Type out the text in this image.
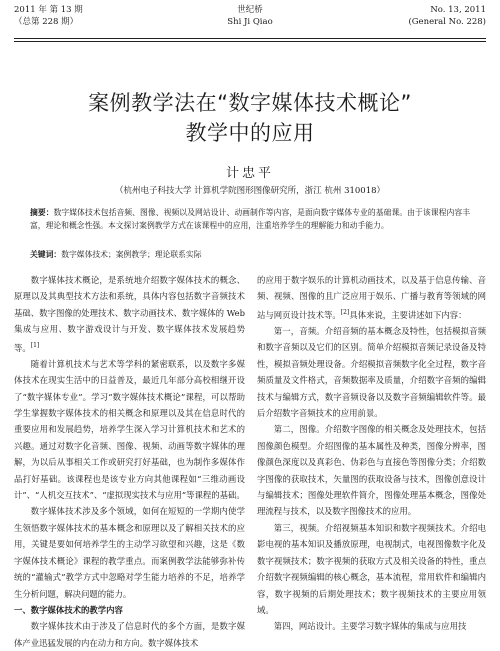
2011 年 第 13 期
（总第 228 期）
世纪桥
Shi Ji Qiao
No. 13, 2011
(General No. 228)
案例教学法在“数字媒体技术概论”
教学中的应用
计忠平
（杭州电子科技大学 计算机学院图形图像研究所，浙江 杭州 310018）
摘要：数字媒体技术包括音频、图像、视频以及网站设计、动画制作等内容，是面向数字媒体专业的基础课。由于该课程内容丰富，理论和概念性强。本文探讨案例教学方式在该课程中的应用，注重培养学生的理解能力和动手能力。
关键词：数字媒体技术；案例教学；理论联系实际

数字媒体技术概论，是系统地介绍数字媒体技术的概念、原理以及其典型技术方法和系统，具体内容包括数字音频技术基础、数字图像的处理技术、数字动画技术、数字媒体的 Web 集成与应用、数字游戏设计与开发、数字媒体技术发展趋势等。[1]

随着计算机技术与艺术等学科的紧密联系，以及数字多媒体技术在现实生活中的日益普及，最近几年部分高校相继开设了“数字媒体专业”。学习“数字媒体技术概论”课程，可以帮助学生掌握数字媒体技术的相关概念和原理以及其在信息时代的重要应用和发展趋势，培养学生深入学习计算机技术和艺术的兴趣。通过对数字化音频、图像、视频、动画等数字媒体的理解，为以后从事相关工作或研究打好基础，也为制作多媒体作品打好基础。该课程也是该专业方向其他课程如“三维动画设计”、“人机交互技术”、“虚拟现实技术与应用”等课程的基础。

数字媒体技术涉及多个领域，如何在短短的一学期内使学生领悟数字媒体技术的基本概念和原理以及了解相关技术的应用，关键是要如何培养学生的主动学习欲望和兴趣，这是《数字媒体技术概论》课程的教学重点。而案例教学法能够弥补传统的“灌输式”教学方式中忽略对学生能力培养的不足，培养学生分析问题，解决问题的能力。

一、数字媒体技术的教学内容

数字媒体技术由于涉及了信息时代的多个方面，是数字媒体产业迅猛发展的内在动力和方向。数字媒体技术

的应用于数字娱乐的计算机动画技术，以及基于信息传输、音频、视频、图像的且广泛应用于娱乐、广播与教育等领域的网站与网页设计技术等。[2]具体来说，主要讲述如下内容：

第一，音频。介绍音频的基本概念及特性，包括模拟音频和数字音频以及它们的区别。简单介绍模拟音频记录设备及特性，模拟音频处理设备。介绍模拟音频数字化全过程，数字音频质量及文件格式，音频数据率及质量，介绍数字音频的编辑技术与编辑方式，数字音频设备以及数字音频编辑软件等。最后介绍数字音频技术的应用前景。

第二，图像。介绍数字图像的相关概念及处理技术，包括图像颜色模型。介绍图像的基本属性及种类，图像分辨率，图像颜色深度以及真彩色、伪彩色与直接色等图像分类；介绍数字图像的获取技术，矢量图的获取设备与技术，图像创意设计与编辑技术；图像处理软件简介，图像处理基本概念，图像处理流程与技术，以及数字图像技术的应用。

第三，视频。介绍视频基本知识和数字视频技术。介绍电影电视的基本知识及播放原理，电视制式，电视图像数字化及数字视频技术；数字视频的获取方式及相关设备的特性，重点介绍数字视频编辑的核心概念，基本流程，常用软件和编辑内容，数字视频的后期处理技术；数字视频技术的主要应用领域。

第四，网站设计。主要学习数字媒体的集成与应用技
